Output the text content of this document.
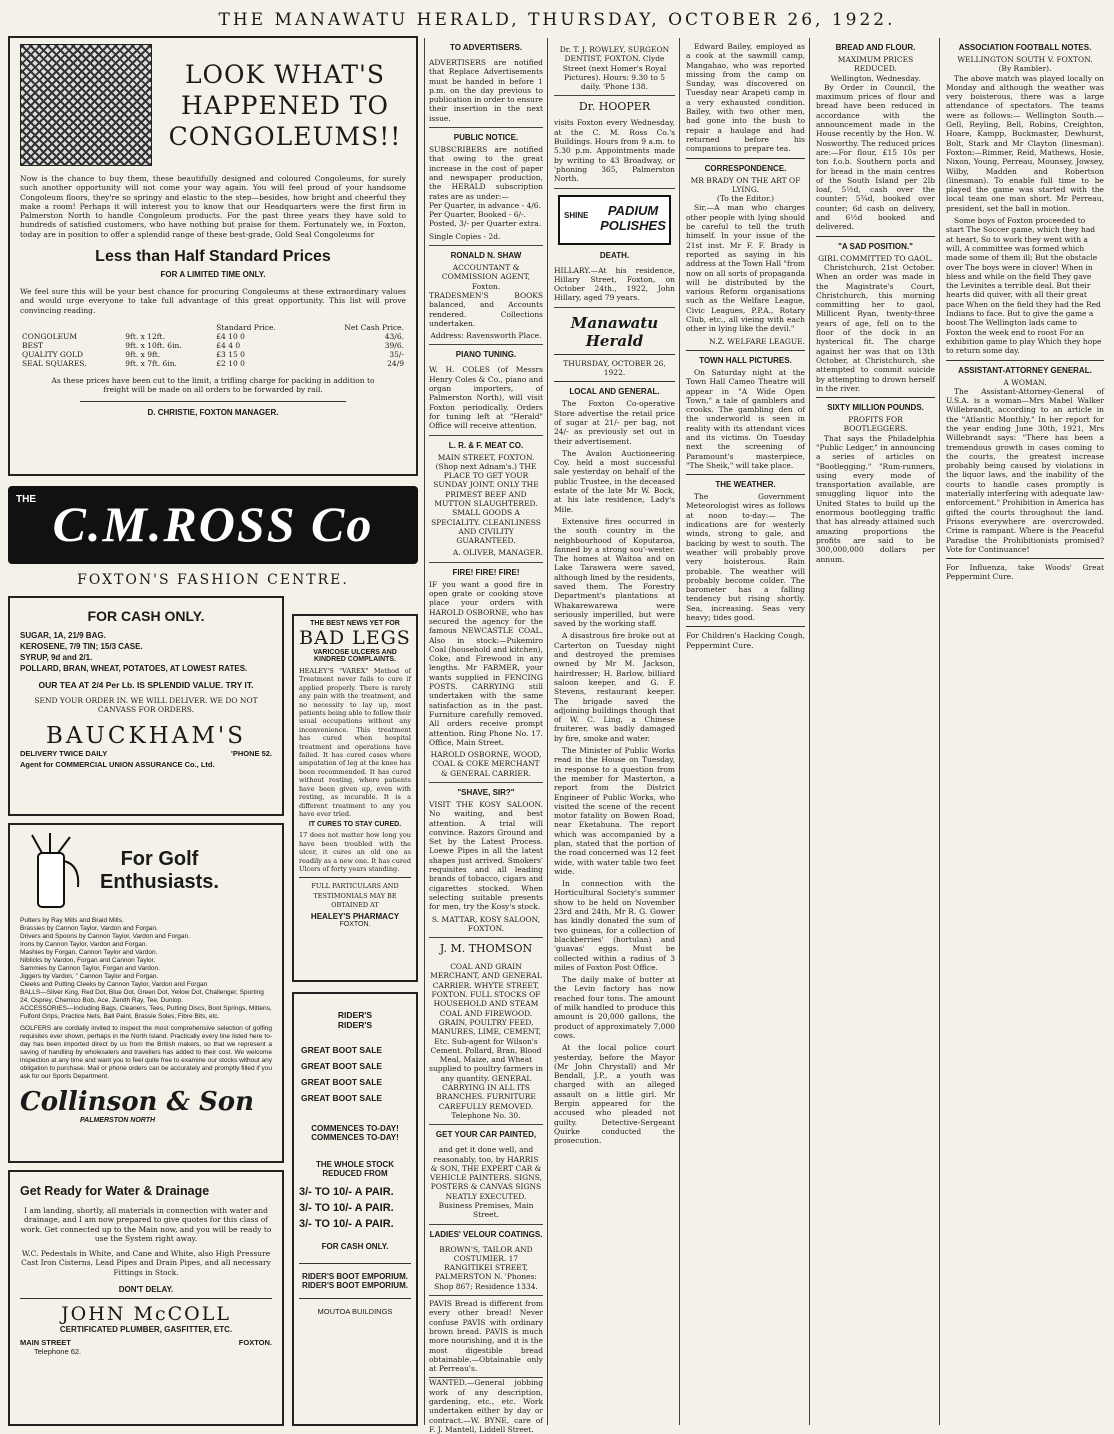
THE MANAWATU HERALD, THURSDAY, OCTOBER 26, 1922.
LOOK WHAT'S HAPPENED TO CONGOLEUMS!!
Now is the chance to buy them, these beautifully designed and coloured Congoleums, for surely such another opportunity will not come your way again. You will feel proud of your handsome Congoleum floors, they're so springy and elastic to the step—besides, how bright and cheerful they make a room! Perhaps it will interest you to know that our Headquarters were the first firm in Palmerston North to handle Congoleum products. For the past three years they have sold to hundreds of satisfied customers, who have nothing but praise for them. Fortunately we, in Foxton, today are in position to offer a splendid range of these best-grade, Gold Seal Congoleums for
Less than Half Standard Prices
FOR A LIMITED TIME ONLY.
We feel sure this will be your best chance for procuring Congoleums at these extraordinary values and would urge everyone to take full advantage of this great opportunity. This list will prove convincing reading.
		Standard Price.	Net Cash Price.
CONGOLEUM	9ft. x 12ft.	£4 10 0	43/6.
BEST	9ft. x 10ft. 6in.	£4 4 0	39/6.
QUALITY GOLD	9ft. x 9ft.	£3 15 0	35/-
SEAL SQUARES.	9ft. x 7ft. 6in.	£2 10 0	24/9
As these prices have been cut to the limit, a trifling charge for packing in addition to freight will be made on all orders to be forwarded by rail.
D. CHRISTIE, FOXTON MANAGER.
THE C.M.ROSS Co
FOXTON'S FASHION CENTRE.
FOR CASH ONLY.
SUGAR, 1A, 21/9 BAG.
KEROSENE, 7/9 TIN; 15/3 CASE.
SYRUP, 9d and 2/1.
POLLARD, BRAN, WHEAT, POTATOES, AT LOWEST RATES.
OUR TEA AT 2/4 Per Lb. IS SPLENDID VALUE. TRY IT.
SEND YOUR ORDER IN. WE WILL DELIVER. WE DO NOT CANVASS FOR ORDERS.
BAUCKHAM'S
DELIVERY TWICE DAILY	'PHONE 52.
Agent for COMMERCIAL UNION ASSURANCE Co., Ltd.
For Golf
Enthusiasts.
Putters by Ray Mills and Braid Mills.
Brassies by Cannon Taylor, Vardon and Forgan.
Drivers and Spoons by Cannon Taylor, Vardon and Forgan.
Irons by Cannon Taylor, Vardon and Forgan.
Mashies by Forgan, Cannon Taylor and Vardon.
Niblicks by Vardon, Forgan and Cannon Taylor.
Sammies by Cannon Taylor, Forgan and Vardon.
Jiggers by Vardon, " Cannon Taylor and Forgan.
Cleeks and Putting Cleeks by Cannon Taylor, Vardon and Forgan
BALLS—Silver King, Red Dot, Blue Dot, Green Dot, Yellow Dot, Challenger, Sporting 24, Osprey, Chemico Bob, Ace, Zenith Ray, Tee, Dunlop.
ACCESSORIES—Including Bags, Cleaners, Tees, Putting Discs, Boot Springs, Mittens, Fulford Grips, Practice Nets, Ball Paint, Brassie Soles, Fibre Bits, etc.
GOLFERS are cordially invited to inspect the most comprehensive selection of golfing requisites ever shown, perhaps in the North Island. Practically every line listed here to-day has been imported direct by us from the British makers, so that we represent a saving of handling by wholesalers and travellers has added to their cost. We welcome inspection at any time and want you to feel quite free to examine our stocks without any obligation to purchase. Mail or phone orders can be accurately and promptly filled if you ask for our Sports Department.
Collinson & Son
PALMERSTON NORTH
Get Ready for Water & Drainage
I am landing, shortly, all materials in connection with water and drainage, and I am now prepared to give quotes for this class of work. Get connected up to the Main now, and you will be ready to use the System right away.
W.C. Pedestals in White, and Cane and White, also High Pressure Cast Iron Cisterns, Lead Pipes and Drain Pipes, and all necessary Fittings in Stock.
DON'T DELAY.
JOHN McCOLL
CERTIFICATED PLUMBER, GASFITTER, ETC.
MAIN STREET	FOXTON.
Telephone 62.
THE BEST NEWS YET FOR
BAD LEGS
VARICOSE ULCERS AND KINDRED COMPLAINTS.
HEALEY'S "VAREX" Method of Treatment never fails to cure if applied properly. There is rarely any pain with the treatment, and no necessity to lay up, most patients being able to follow their usual occupations without any inconvenience. This treatment has cured when hospital treatment and operations have failed. It has cured cases where amputation of leg at the knee has been recommended. It has cured without resting, where patients have been given up, even with resting, as incurable. It is a different treatment to any you have ever tried.
IT CURES TO STAY CURED.
17 does not matter how long you have been troubled with the ulcer, it cures an old one as readily as a new one. It has cured Ulcers of forty years standing.
FULL PARTICULARS AND TESTIMONIALS MAY BE OBTAINED AT
HEALEY'S PHARMACY
FOXTON.
RIDER'S
RIDER'S
GREAT BOOT SALE
GREAT BOOT SALE
GREAT BOOT SALE
GREAT BOOT SALE
COMMENCES TO-DAY! COMMENCES TO-DAY!
THE WHOLE STOCK REDUCED FROM
3/- TO 10/- A PAIR.
3/- TO 10/- A PAIR.
3/- TO 10/- A PAIR.
FOR CASH ONLY.
RIDER'S BOOT EMPORIUM. RIDER'S BOOT EMPORIUM.
MOUTOA BUILDINGS
TO ADVERTISERS.
ADVERTISERS are notified that Replace Advertisements must be handed in before 1 p.m. on the day previous to publication in order to ensure their insertion in the next issue.
PUBLIC NOTICE.
SUBSCRIBERS are notified that owing to the great increase in the cost of paper and newspaper production, the HERALD subscription rates are as under:—
Per Quarter, in advance - 4/6.
Per Quarter, Booked - 6/-.
Posted, 3/- per Quarter extra.
Single Copies - 2d.
RONALD N. SHAW
ACCOUNTANT & COMMISSION AGENT, Foxton.
TRADESMEN'S BOOKS balanced, and Accounts rendered. Collections undertaken.
Address: Ravensworth Place.
PIANO TUNING.
W. H. COLES (of Messrs Henry Coles & Co., piano and organ importers, of Palmerston North), will visit Foxton periodically. Orders for tuning left at "Herald" Office will receive attention.
L. R. & F. MEAT CO.
MAIN STREET, FOXTON.
(Shop next Adnam's.) THE PLACE TO GET YOUR SUNDAY JOINT. ONLY THE PRIMEST BEEF AND MUTTON SLAUGHTERED. SMALL GOODS A SPECIALITY. CLEANLINESS AND CIVILITY GUARANTEED.
A. OLIVER, MANAGER.
FIRE! FIRE! FIRE!
IF you want a good fire in open grate or cooking stove place your orders with HAROLD OSBORNE, who has secured the agency for the famous NEWCASTLE COAL. Also in stock:—Pukemiro Coal (household and kitchen), Coke, and Firewood in any lengths. Mr FARMER, your wants supplied in FENCING POSTS. CARRYING still undertaken with the same satisfaction as in the past. Furniture carefully removed. All orders receive prompt attention. Ring Phone No. 17. Office, Main Street.
HAROLD OSBORNE, WOOD, COAL & COKE MERCHANT & GENERAL CARRIER.
"SHAVE, SIR?"
VISIT THE KOSY SALOON. No waiting, and best attention. A trial will convince. Razors Ground and Set by the Latest Process. Loewe Pipes in all the latest shapes just arrived. Smokers' requisites and all leading brands of tobacco, cigars and cigarettes stocked. When selecting suitable presents for men, try the Kosy's stock.
S. MATTAR, KOSY SALOON, FOXTON.
J. M. THOMSON
COAL AND GRAIN MERCHANT, AND GENERAL CARRIER. WHYTE STREET, FOXTON. FULL STOCKS OF HOUSEHOLD AND STEAM COAL AND FIREWOOD. GRAIN, POULTRY FEED, MANURES, LIME, CEMENT, Etc. Sub-agent for Wilson's Cement. Pollard, Bran, Blood Meal, Maize, and Wheat supplied to poultry farmers in any quantity. GENERAL CARRYING IN ALL ITS BRANCHES. FURNITURE CAREFULLY REMOVED. Telephone No. 30.
GET YOUR CAR PAINTED,
and get it done well, and reasonably, too, by HARRIS & SON, THE EXPERT CAR & VEHICLE PAINTERS. SIGNS, POSTERS & CANVAS SIGNS NEATLY EXECUTED. Business Premises, Main Street.
LADIES' VELOUR COATINGS.
BROWN'S, TAILOR AND COSTUMIER. 17 RANGITIKEI STREET, PALMERSTON N. 'Phones: Shop 867; Residence 1334.
PAVIS Bread is different from every other bread! Never confuse PAVIS with ordinary brown bread. PAVIS is much more nourishing, and it is the most digestible bread obtainable.—Obtainable only at Perreau's.
WANTED.—General jobbing work of any description, gardening, etc., etc. Work undertaken either by day or contract.—W. BYNE, care of F. J. Mantell, Liddell Street.
Dr. T. J. ROWLEY, SURGEON DENTIST, FOXTON. Clyde Street (next Homer's Royal Pictures). Hours: 9.30 to 5 daily. 'Phone 138.
Dr. HOOPER
visits Foxton every Wednesday, at the C. M. Ross Co.'s Buildings. Hours from 9 a.m. to 5.30 p.m. Appointments made by writing to 43 Broadway, or 'phoning 365, Palmerston North.
SHINE	PADIUM POLISHES
DEATH.
HILLARY.—At his residence, Hillary Street, Foxton, on October 24th., 1922, John Hillary, aged 79 years.
Manawatu Herald
THURSDAY, OCTOBER 26, 1922.
LOCAL AND GENERAL.
The Foxton Co-operative Store advertise the retail price of sugar at 21/- per bag, not 24/- as previously set out in their advertisement.
The Avalon Auctioneering Coy. held a most successful sale yesterday on behalf of the public Trustee, in the deceased estate of the late Mr W. Bock, at his late residence, Lady's Mile.
Extensive fires occurred in the south country in the neighbourhood of Koputaroa, fanned by a strong sou'-wester. The homes at Waitoa and on Lake Tarawera were saved, although lined by the residents, saved them. The Forestry Department's plantations at Whakarewarewa were seriously imperilled, but were saved by the working staff.
A disastrous fire broke out at Carterton on Tuesday night and destroyed the premises owned by Mr M. Jackson, hairdresser; H. Barlow, billiard saloon keeper, and G. F. Stevens, restaurant keeper. The brigade saved the adjoining buildings though that of W. C. Ling, a Chinese fruiterer, was badly damaged by fire, smoke and water.
The Minister of Public Works read in the House on Tuesday, in response to a question from the member for Masterton, a report from the District Engineer of Public Works, who visited the scene of the recent motor fatality on Bowen Road, near Eketahuna. The report which was accompanied by a plan, stated that the portion of the road concerned was 12 feet wide, with water table two feet wide.
In connection with the Horticultural Society's summer show to be held on November 23rd and 24th, Mr R. G. Gower has kindly donated the sum of two guineas, for a collection of blackberries' (hortulan) and 'guavas' eggs. Must be collected within a radius of 3 miles of Foxton Post Office.
The daily make of butter at the Levin factory has now reached four tons. The amount of milk handled to produce this amount is 20,000 gallons, the product of approximately 7,000 cows.
At the local police court yesterday, before the Mayor (Mr John Chrystall) and Mr Bendall, J.P., a youth was charged with an alleged assault on a little girl. Mr Bergin appeared for the accused who pleaded not guilty. Detective-Sergeant Quirke conducted the prosecution.
Edward Bailey, employed as a cook at the sawmill camp, Mangahao, who was reported missing from the camp on Sunday, was discovered on Tuesday near Arapeti camp in a very exhausted condition. Bailey, with two other men, had gone into the bush to repair a haulage and had returned before his companions to prepare tea.
CORRESPONDENCE.
MR BRADY ON THE ART OF LYING.
(To the Editor.)
Sir,—A man who charges other people with lying should be careful to tell the truth himself. In your issue of the 21st inst. Mr F. F. Brady is reported as saying in his address at the Town Hall "from now on all sorts of propaganda will be distributed by the various Reform organisations such as the Welfare League, Civic Leagues, P.P.A., Rotary Club, etc., all vieing with each other in lying like the devil."
N.Z. WELFARE LEAGUE.
TOWN HALL PICTURES.
On Saturday night at the Town Hall Cameo Theatre will appear in "A Wide Open Town," a tale of gamblers and crooks. The gambling den of the underworld is seen in reality with its attendant vices and its victims. On Tuesday next the screening of Paramount's masterpiece, "The Sheik," will take place.
THE WEATHER.
The Government Meteorologist wires as follows at noon to-day:— The indications are for westerly winds, strong to gale, and backing by west to south. The weather will probably prove very boisterous. Rain probable. The weather will probably become colder. The barometer has a falling tendency but rising shortly. Sea, increasing. Seas very heavy; tides good.
For Children's Hacking Cough, Peppermint Cure.
BREAD AND FLOUR.
MAXIMUM PRICES REDUCED.
Wellington, Wednesday.
By Order in Council, the maximum prices of flour and bread have been reduced in accordance with the announcement made in the House recently by the Hon. W. Nosworthy. The reduced prices are:—For flour, £15 10s per ton f.o.b. Southern ports and for bread in the main centres of the South Island per 2lb loaf, 5½d, cash over the counter; 5¾d, booked over counter; 6d cash on delivery, and 6½d booked and delivered.
"A SAD POSITION."
GIRL COMMITTED TO GAOL.
Christchurch, 21st October. When an order was made in the Magistrate's Court, Christchurch, this morning committing her to gaol, Millicent Ryan, twenty-three years of age, fell on to the floor of the dock in an hysterical fit. The charge against her was that on 13th October, at Christchurch, she attempted to commit suicide by attempting to drown herself in the river.
SIXTY MILLION POUNDS.
PROFITS FOR BOOTLEGGERS.
That says the Philadelphia "Public Ledger," in announcing a series of articles on "Bootlegging." "Rum-runners, using every mode of transportation available, are smuggling liquor into the United States to build up the enormous bootlegging traffic that has already attained such amazing proportions the profits are said to be 300,000,000 dollars per annum.
ASSOCIATION FOOTBALL NOTES.
WELLINGTON SOUTH V. FOXTON.
(By Rambler).
The above match was played locally on Monday and although the weather was very boisterous, there was a large attendance of spectators. The teams were as follows:— Wellington South.—Gell, Reyling, Bell, Robins, Creighton, Hoare, Kampp, Buckmaster, Dewhurst, Bolt, Stark and Mr Clayton (linesman). Foxton:—Rimmer, Reid, Mathews, Hosie, Nixon, Young, Perreau, Mounsey, Jowsey, Wilby, Madden and Robertson (linesman). To enable full time to be played the game was started with the local team one man short. Mr Perreau, president, set the ball in motion.
Some boys of Foxton proceeded to start The Soccer game, which they had at heart, So to work they went with a will, A committee was formed which made some of them ill; But the obstacle over The boys were in clover! When in bless and while on the field They gave the Levinites a terrible deal. But their hearts did quiver, with all their great pace When on the field they had the Red Indians to face. But to give the game a boost The Wellington lads came to Foxton the week end to roost For an exhibition game to play Which they hope to return some day.
ASSISTANT-ATTORNEY GENERAL.
A WOMAN.
The Assistant-Attorney-General of U.S.A. is a woman—Mrs Mabel Walker Willebrandt, according to an article in the "Atlantic Monthly." In her report for the year ending June 30th, 1921, Mrs Willebrandt says: "There has been a tremendous growth in cases coming to the courts, the greatest increase probably being caused by violations in the liquor laws, and the inability of the courts to handle cases promptly is materially interfering with adequate law-enforcement." Prohibition in America has gifted the courts throughout the land. Prisons everywhere are overcrowded. Crime is rampant. Where is the Peaceful Paradise the Prohibitionists promised? Vote for Continuance!
For Influenza, take Woods' Great Peppermint Cure.
